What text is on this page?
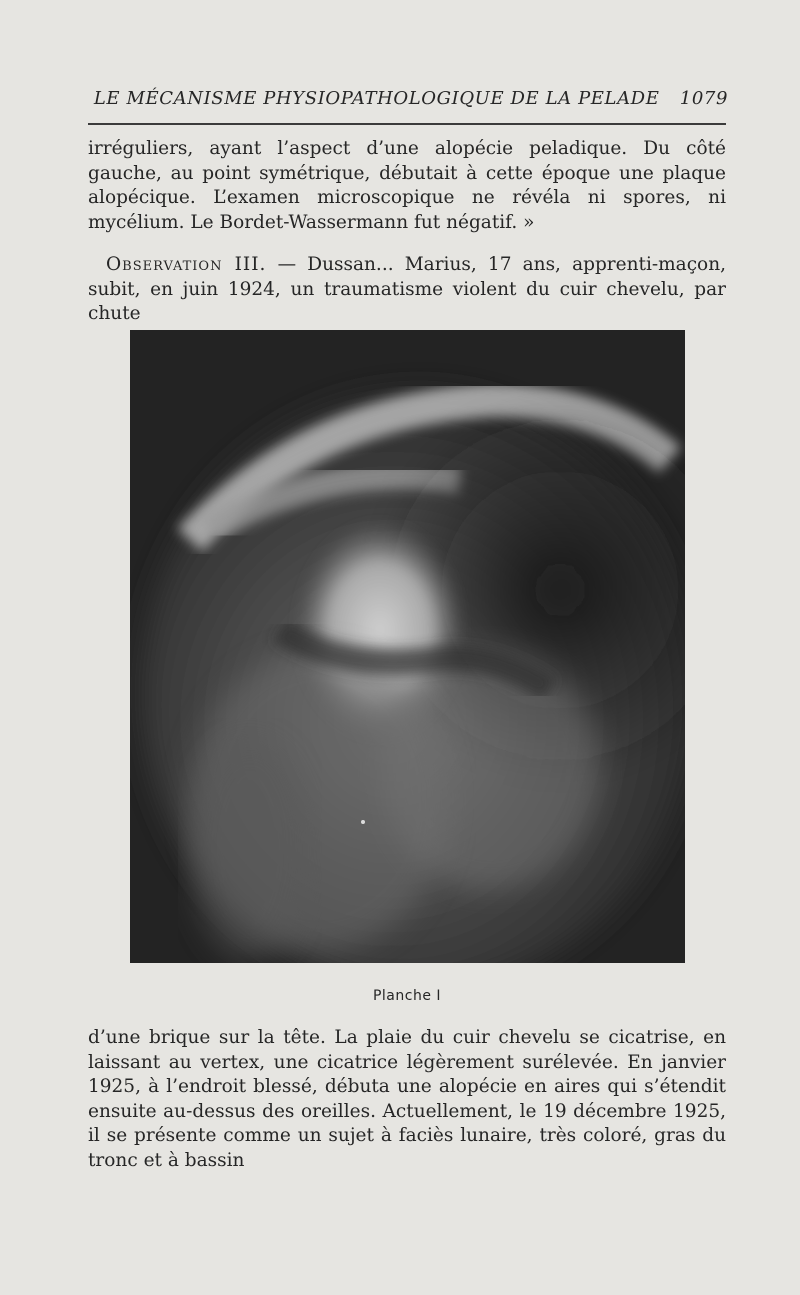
LE MÉCANISME PHYSIOPATHOLOGIQUE DE LA PELADE 1079

irréguliers, ayant l’aspect d’une alopécie peladique. Du côté gauche, au point symétrique, débutait à cette époque une plaque alopécique. L’examen microscopique ne révéla ni spores, ni mycélium. Le Bordet-Wassermann fut négatif. »

Observation III. — Dussan... Marius, 17 ans, apprenti-maçon, subit, en juin 1924, un traumatisme violent du cuir chevelu, par chute

Planche I

d’une brique sur la tête. La plaie du cuir chevelu se cicatrise, en laissant au vertex, une cicatrice légèrement surélevée. En janvier 1925, à l’endroit blessé, débuta une alopécie en aires qui s’étendit ensuite au-dessus des oreilles. Actuellement, le 19 décembre 1925, il se présente comme un sujet à faciès lunaire, très coloré, gras du tronc et à bassin
